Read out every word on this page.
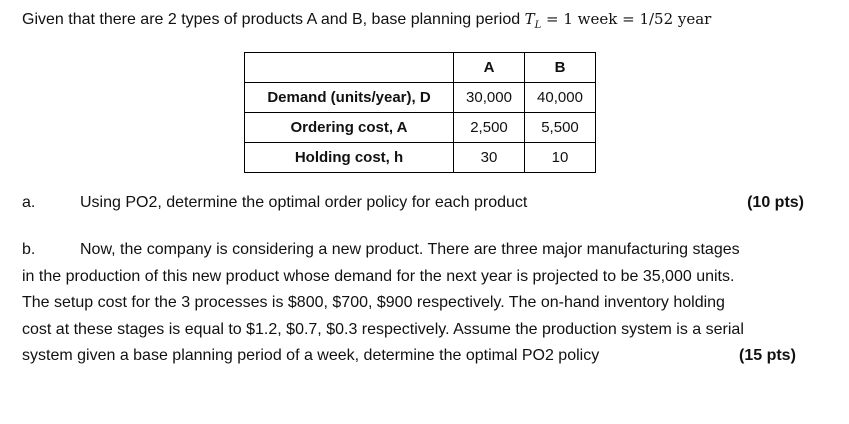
Given that there are 2 types of products A and B, base planning period $T_L = 1$ week = 1/52 year
	A	B
Demand (units/year), D	30,000	40,000
Ordering cost, A	2,500	5,500
Holding cost, h	30	10
a.	Using PO2, determine the optimal order policy for each product	(10 pts)
b.	Now, the company is considering a new product. There are three major manufacturing stages
in the production of this new product whose demand for the next year is projected to be 35,000 units.
The setup cost for the 3 processes is $800, $700, $900 respectively. The on-hand inventory holding
cost at these stages is equal to $1.2, $0.7, $0.3 respectively. Assume the production system is a serial
system given a base planning period of a week, determine the optimal PO2 policy	(15 pts)
